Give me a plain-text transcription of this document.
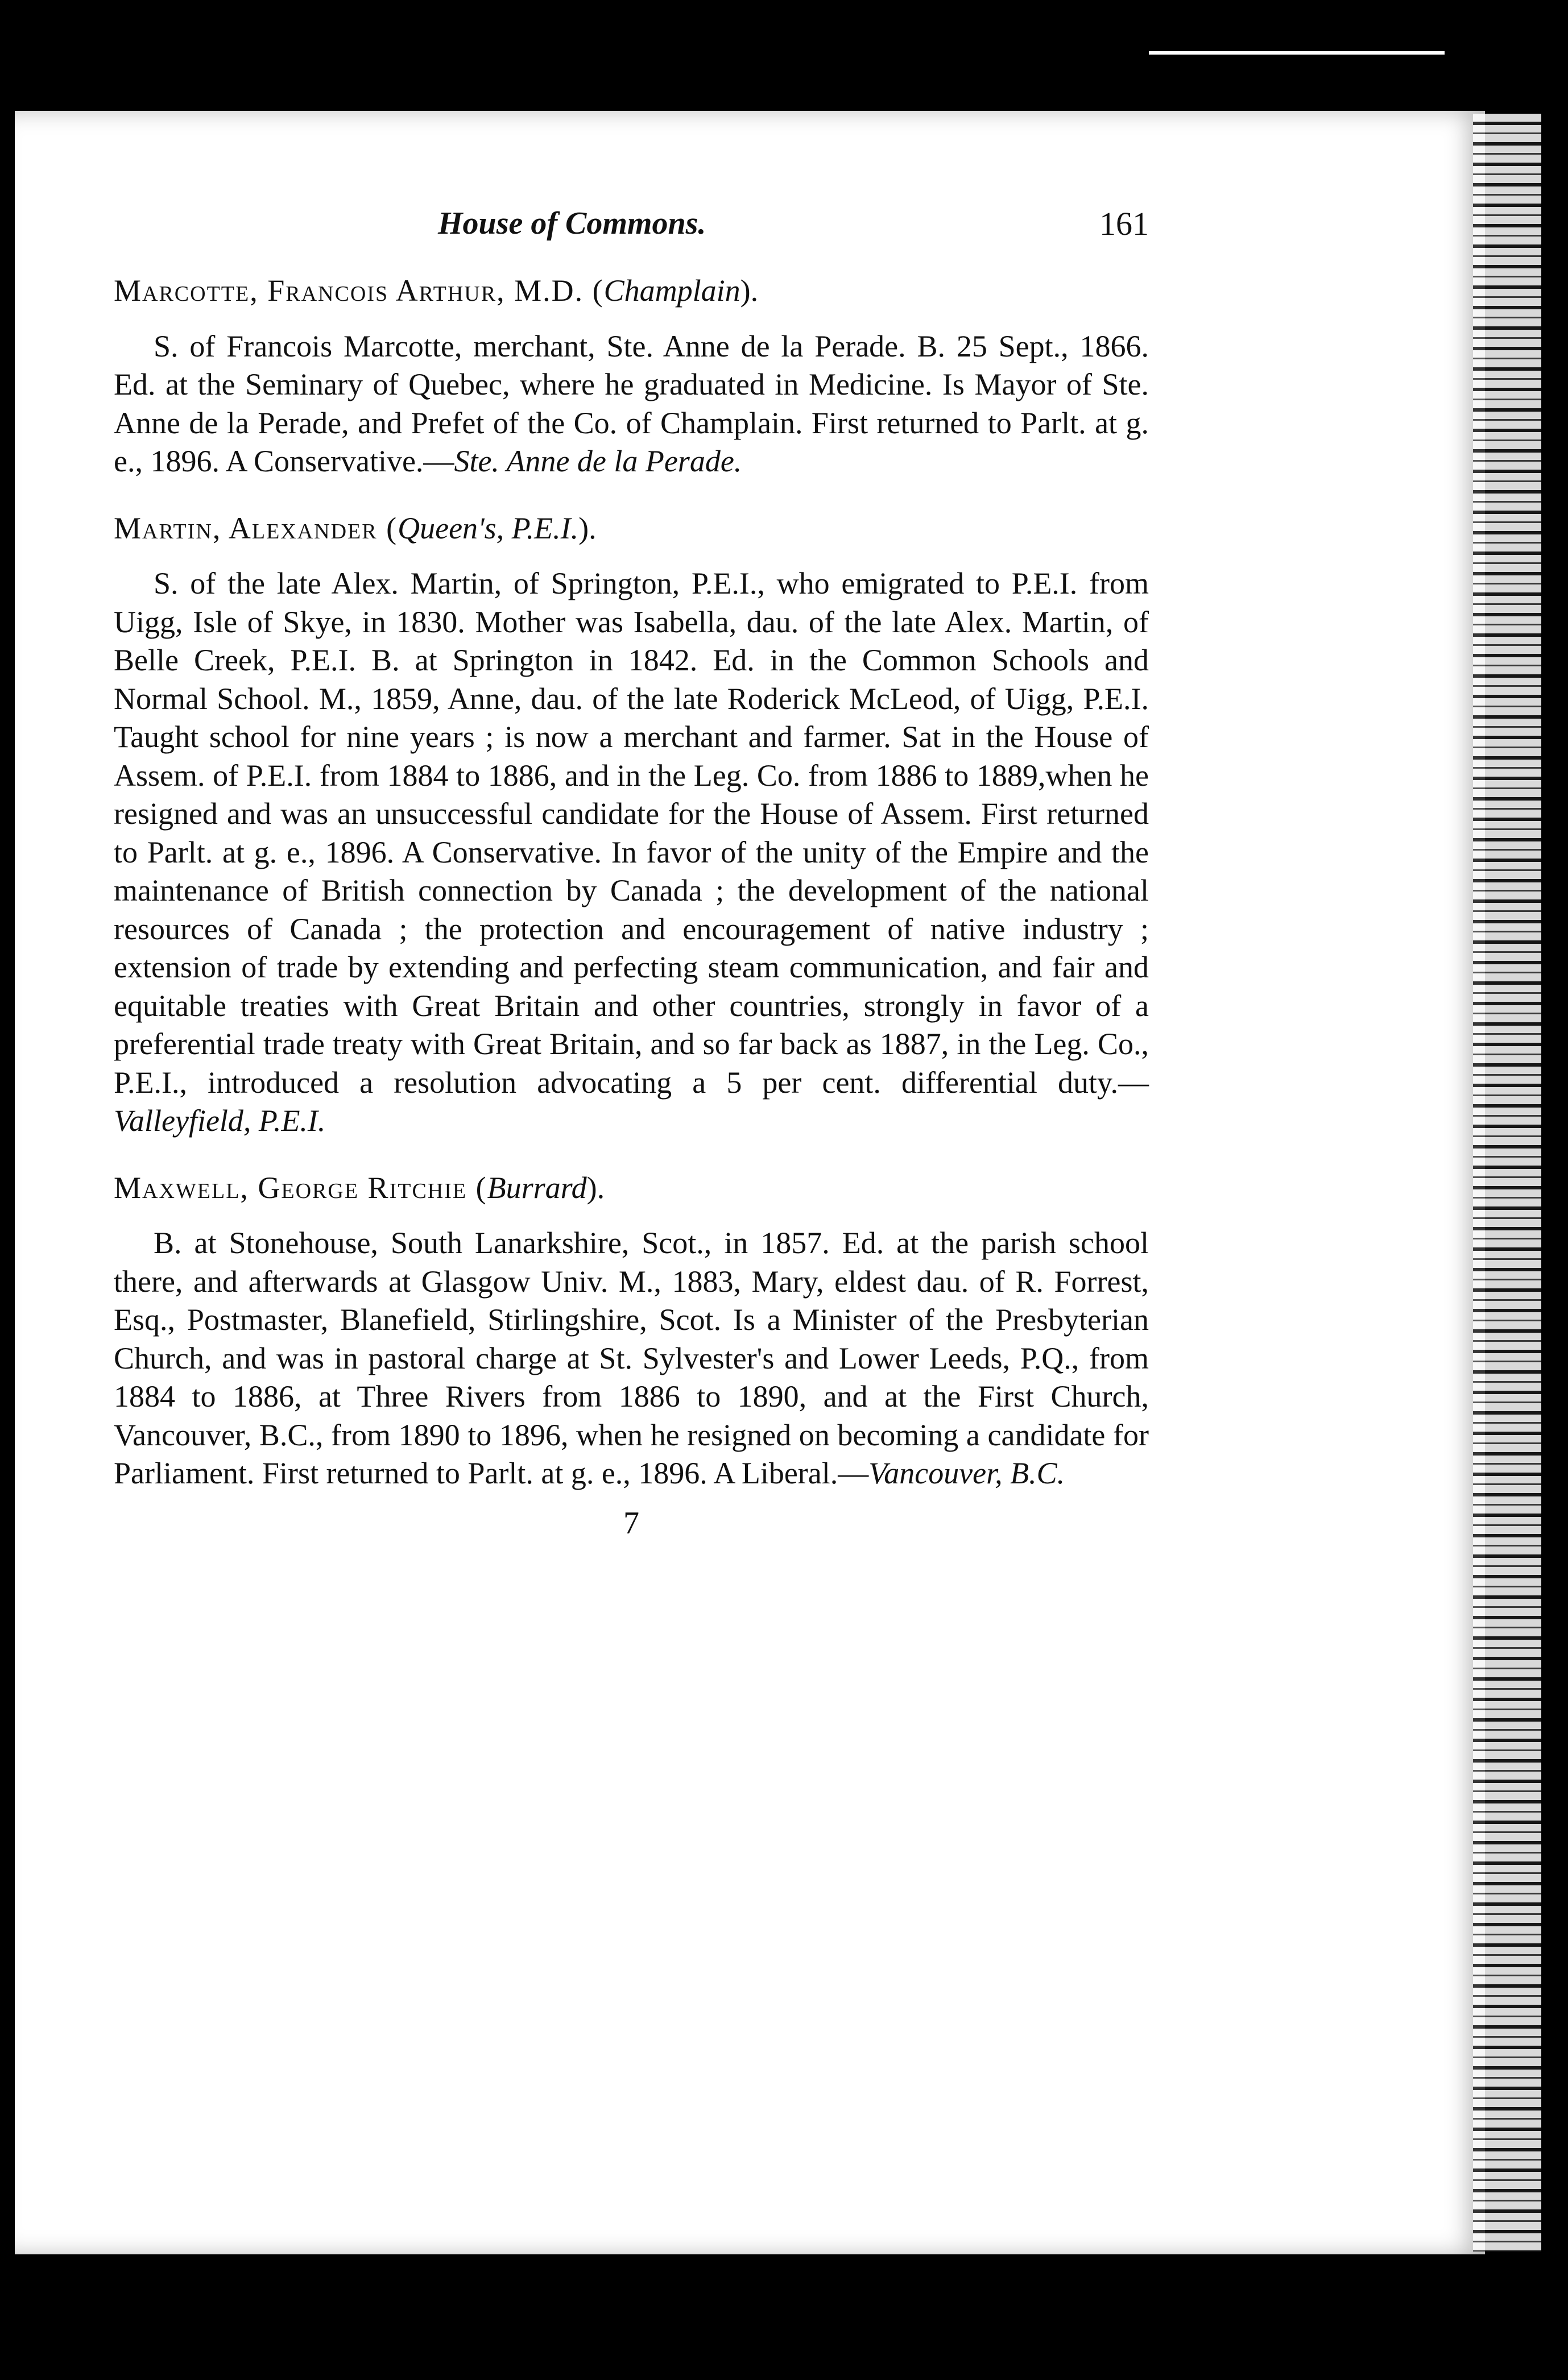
House of Commons.	161
Marcotte, Francois Arthur, M.D. (Champlain).

S. of Francois Marcotte, merchant, Ste. Anne de la Perade. B. 25 Sept., 1866. Ed. at the Seminary of Quebec, where he graduated in Medicine. Is Mayor of Ste. Anne de la Perade, and Prefet of the Co. of Champlain. First returned to Parlt. at g. e., 1896. A Conservative.—Ste. Anne de la Perade.

Martin, Alexander (Queen's, P.E.I.).

S. of the late Alex. Martin, of Springton, P.E.I., who emigrated to P.E.I. from Uigg, Isle of Skye, in 1830. Mother was Isabella, dau. of the late Alex. Martin, of Belle Creek, P.E.I. B. at Springton in 1842. Ed. in the Common Schools and Normal School. M., 1859, Anne, dau. of the late Roderick McLeod, of Uigg, P.E.I. Taught school for nine years ; is now a merchant and farmer. Sat in the House of Assem. of P.E.I. from 1884 to 1886, and in the Leg. Co. from 1886 to 1889,when he resigned and was an unsuccessful candidate for the House of Assem. First returned to Parlt. at g. e., 1896. A Conservative. In favor of the unity of the Empire and the maintenance of British connection by Canada ; the development of the national resources of Canada ; the protection and encouragement of native industry ; extension of trade by extending and perfecting steam communication, and fair and equitable treaties with Great Britain and other countries, strongly in favor of a preferential trade treaty with Great Britain, and so far back as 1887, in the Leg. Co., P.E.I., introduced a resolution advocating a 5 per cent. differential duty.—Valleyfield, P.E.I.

Maxwell, George Ritchie (Burrard).

B. at Stonehouse, South Lanarkshire, Scot., in 1857. Ed. at the parish school there, and afterwards at Glasgow Univ. M., 1883, Mary, eldest dau. of R. Forrest, Esq., Postmaster, Blanefield, Stirlingshire, Scot. Is a Minister of the Presbyterian Church, and was in pastoral charge at St. Sylvester's and Lower Leeds, P.Q., from 1884 to 1886, at Three Rivers from 1886 to 1890, and at the First Church, Vancouver, B.C., from 1890 to 1896, when he resigned on becoming a candidate for Parliament. First returned to Parlt. at g. e., 1896. A Liberal.—Vancouver, B.C.

7
